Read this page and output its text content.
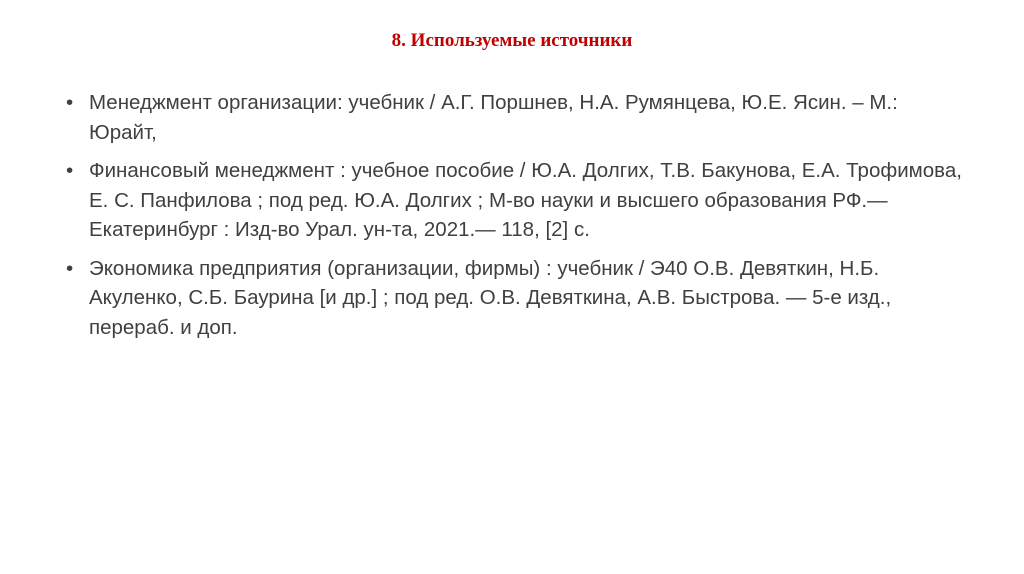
8. Используемые источники
• Менеджмент организации: учебник / А.Г. Поршнев, Н.А. Румянцева, Ю.Е. Ясин. – М.: Юрайт,
• Финансовый менеджмент : учебное пособие / Ю.А. Долгих, Т.В. Бакунова, Е.А. Трофимова, Е. С. Панфилова ; под ред. Ю.А. Долгих ; М-во науки и высшего образования РФ.— Екатеринбург : Изд-во Урал. ун-та, 2021.— 118, [2] с.
• Экономика предприятия (организации, фирмы) : учебник / Э40 О.В. Девяткин, Н.Б. Акуленко, С.Б. Баурина [и др.] ; под ред. О.В. Девяткина, А.В. Быстрова. — 5-е изд., перераб. и доп.
